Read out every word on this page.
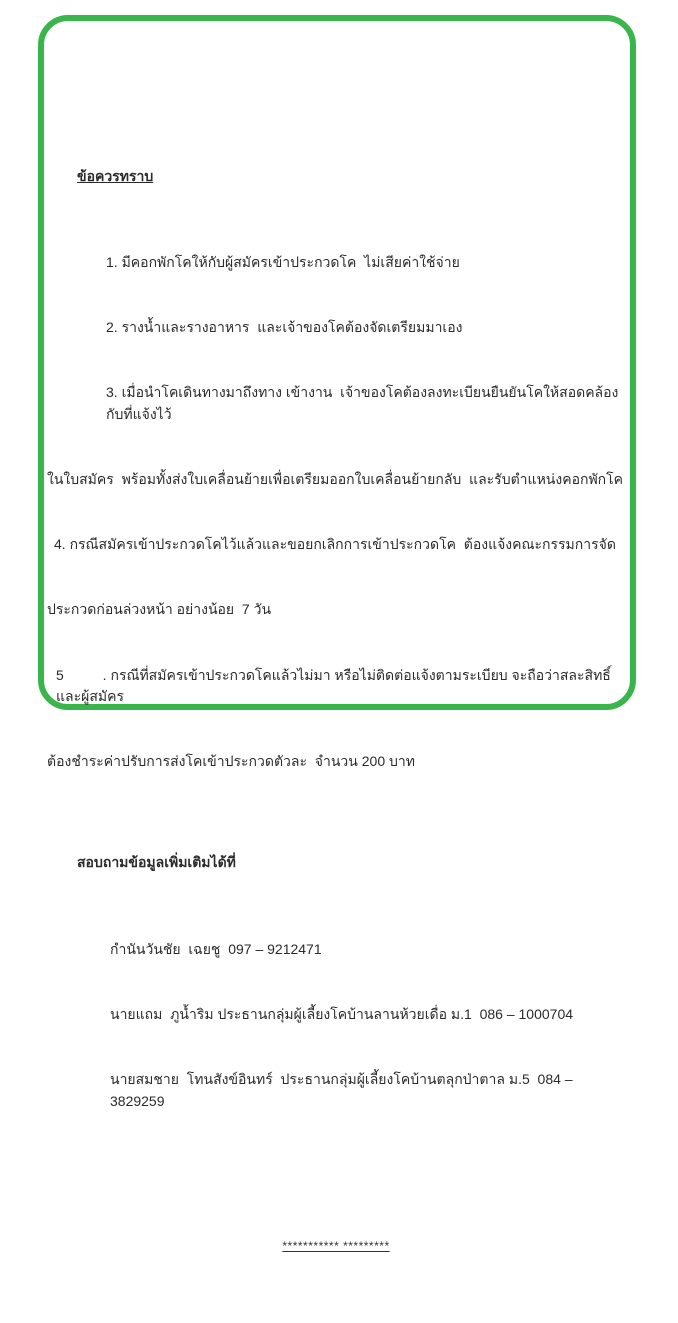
ข้อควรทราบ

1. มีคอกพักโคให้กับผู้สมัครเข้าประกวดโค  ไม่เสียค่าใช้จ่าย

2. รางน้ำและรางอาหาร  และเจ้าของโคต้องจัดเตรียมมาเอง

3. เมื่อนำโคเดินทางมาถึงทาง เข้างาน  เจ้าของโคต้องลงทะเบียนยืนยันโคให้สอดคล้องกับที่แจ้งไว้

ในใบสมัคร  พร้อมทั้งส่งใบเคลื่อนย้ายเพื่อเตรียมออกใบเคลื่อนย้ายกลับ  และรับตำแหน่งคอกพักโค

4. กรณีสมัครเข้าประกวดโคไว้แล้วและขอยกเลิกการเข้าประกวดโค  ต้องแจ้งคณะกรรมการจัด

ประกวดก่อนล่วงหน้า อย่างน้อย  7 วัน

5          . กรณีที่สมัครเข้าประกวดโคแล้วไม่มา หรือไม่ติดต่อแจ้งตามระเบียบ จะถือว่าสละสิทธิ์  และผู้สมัคร

ต้องชำระค่าปรับการส่งโคเข้าประกวดตัวละ  จำนวน 200 บาท

สอบถามข้อมูลเพิ่มเติมได้ที่

กำนันวันชัย  เฉยชู  097 – 9212471

นายแถม  ภูน้ำริม ประธานกลุ่มผู้เลี้ยงโคบ้านลานห้วยเดื่อ ม.1  086 – 1000704

นายสมชาย  โทนสังข์อินทร์  ประธานกลุ่มผู้เลี้ยงโคบ้านตลุกป่าตาล ม.5  084 – 3829259

*********** *********
